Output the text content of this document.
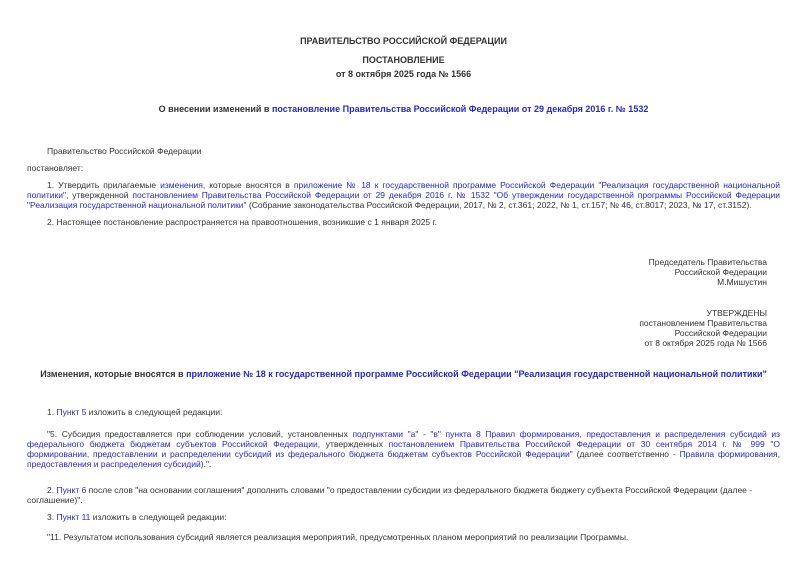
ПРАВИТЕЛЬСТВО РОССИЙСКОЙ ФЕДЕРАЦИИ
ПОСТАНОВЛЕНИЕ
от 8 октября 2025 года № 1566
О внесении изменений в постановление Правительства Российской Федерации от 29 декабря 2016 г. № 1532
Правительство Российской Федерации
постановляет:
1. Утвердить прилагаемые изменения, которые вносятся в приложение № 18 к государственной программе Российской Федерации "Реализация государственной национальной политики", утвержденной постановлением Правительства Российской Федерации от 29 декабря 2016 г. № 1532 "Об утверждении государственной программы Российской Федерации "Реализация государственной национальной политики" (Собрание законодательства Российской Федерации, 2017, № 2, ст.361; 2022, № 1, ст.157; № 46, ст.8017; 2023, № 17, ст.3152).
2. Настоящее постановление распространяется на правоотношения, возникшие с 1 января 2025 г.
Председатель Правительства
Российской Федерации
М.Мишустин
УТВЕРЖДЕНЫ
постановлением Правительства
Российской Федерации
от 8 октября 2025 года № 1566
Изменения, которые вносятся в приложение № 18 к государственной программе Российской Федерации "Реализация государственной национальной политики"
1. Пункт 5 изложить в следующей редакции:
"5. Субсидия предоставляется при соблюдении условий, установленных подпунктами "а" - "в" пункта 8 Правил формирования, предоставления и распределения субсидий из федерального бюджета бюджетам субъектов Российской Федерации, утвержденных постановлением Правительства Российской Федерации от 30 сентября 2014 г. № 999 "О формировании, предоставлении и распределении субсидий из федерального бюджета бюджетам субъектов Российской Федерации" (далее соответственно - Правила формирования, предоставления и распределения субсидий).".
2. Пункт 6 после слов "на основании соглашения" дополнить словами "о предоставлении субсидии из федерального бюджета бюджету субъекта Российской Федерации (далее - соглашение)".
3. Пункт 11 изложить в следующей редакции:
"11. Результатом использования субсидий является реализация мероприятий, предусмотренных планом мероприятий по реализации Программы.
